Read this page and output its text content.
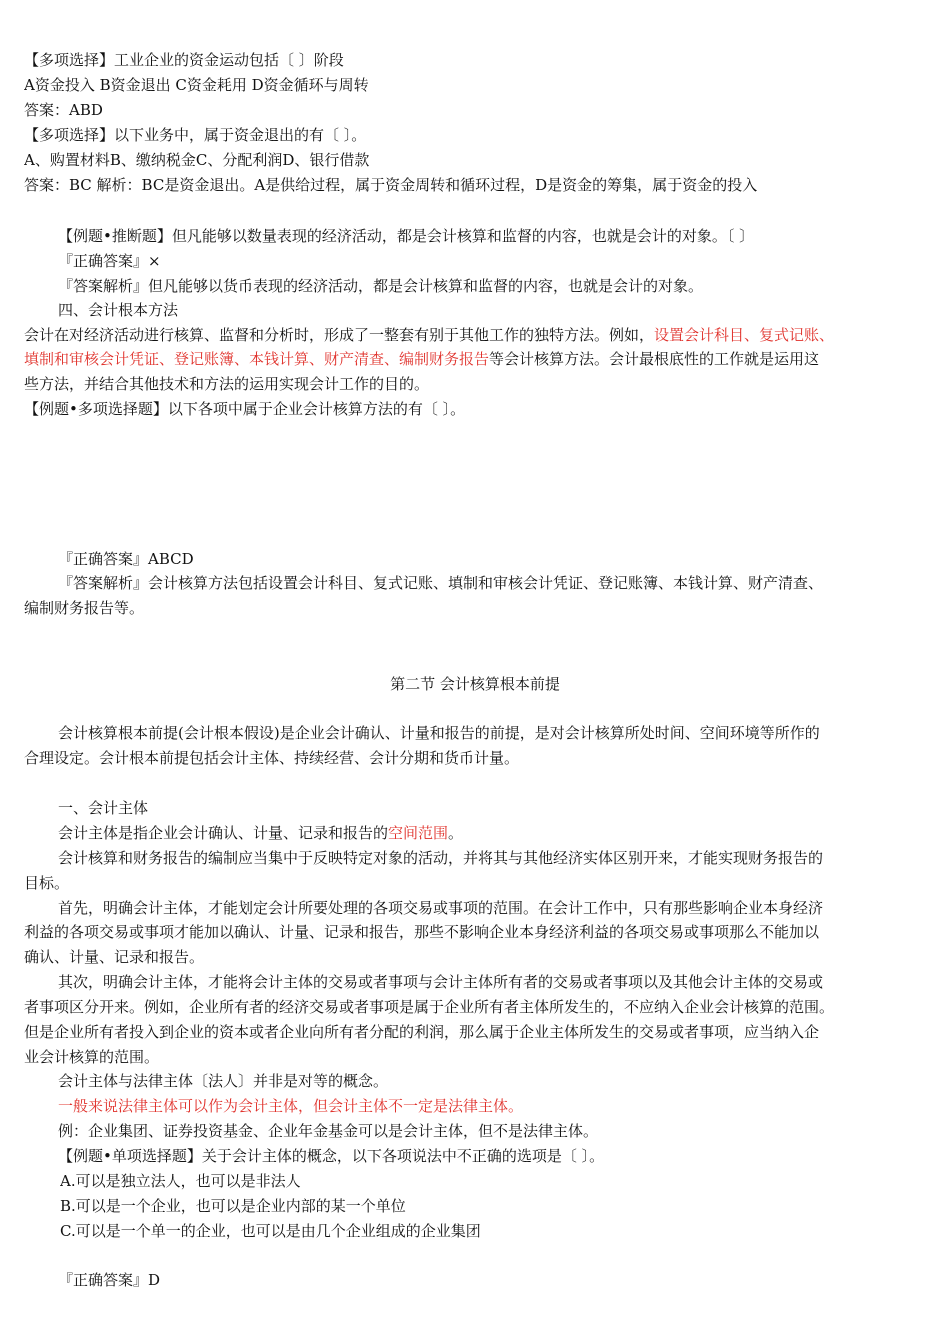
【多项选择】工业企业的资金运动包括〔 〕阶段
A资金投入 B资金退出 C资金耗用 D资金循环与周转
答案：ABD
【多项选择】以下业务中，属于资金退出的有〔 〕。
A、购置材料B、缴纳税金C、分配利润D、银行借款
答案：BC 解析：BC是资金退出。A是供给过程，属于资金周转和循环过程，D是资金的筹集，属于资金的投入
【例题•推断题】但凡能够以数量表现的经济活动，都是会计核算和监督的内容，也就是会计的对象。〔 〕
『正确答案』×
『答案解析』但凡能够以货币表现的经济活动，都是会计核算和监督的内容，也就是会计的对象。
四、会计根本方法
会计在对经济活动进行核算、监督和分析时，形成了一整套有别于其他工作的独特方法。例如，设置会计科目、复式记账、
填制和审核会计凭证、登记账簿、本钱计算、财产清查、编制财务报告等会计核算方法。会计最根底性的工作就是运用这
些方法，并结合其他技术和方法的运用实现会计工作的目的。
【例题•多项选择题】以下各项中属于企业会计核算方法的有〔 〕。
『正确答案』ABCD
『答案解析』会计核算方法包括设置会计科目、复式记账、填制和审核会计凭证、登记账簿、本钱计算、财产清查、
编制财务报告等。
第二节 会计核算根本前提
会计核算根本前提(会计根本假设)是企业会计确认、计量和报告的前提，是对会计核算所处时间、空间环境等所作的
合理设定。会计根本前提包括会计主体、持续经营、会计分期和货币计量。
一、会计主体
会计主体是指企业会计确认、计量、记录和报告的空间范围。
会计核算和财务报告的编制应当集中于反映特定对象的活动，并将其与其他经济实体区别开来，才能实现财务报告的
目标。
首先，明确会计主体，才能划定会计所要处理的各项交易或事项的范围。在会计工作中，只有那些影响企业本身经济
利益的各项交易或事项才能加以确认、计量、记录和报告，那些不影响企业本身经济利益的各项交易或事项那么不能加以
确认、计量、记录和报告。
其次，明确会计主体，才能将会计主体的交易或者事项与会计主体所有者的交易或者事项以及其他会计主体的交易或
者事项区分开来。例如，企业所有者的经济交易或者事项是属于企业所有者主体所发生的，不应纳入企业会计核算的范围。
但是企业所有者投入到企业的资本或者企业向所有者分配的利润，那么属于企业主体所发生的交易或者事项，应当纳入企
业会计核算的范围。
会计主体与法律主体〔法人〕并非是对等的概念。
一般来说法律主体可以作为会计主体，但会计主体不一定是法律主体。
例：企业集团、证券投资基金、企业年金基金可以是会计主体，但不是法律主体。
【例题•单项选择题】关于会计主体的概念，以下各项说法中不正确的选项是〔 〕。
A.可以是独立法人，也可以是非法人
B.可以是一个企业，也可以是企业内部的某一个单位
C.可以是一个单一的企业，也可以是由几个企业组成的企业集团
『正确答案』D
